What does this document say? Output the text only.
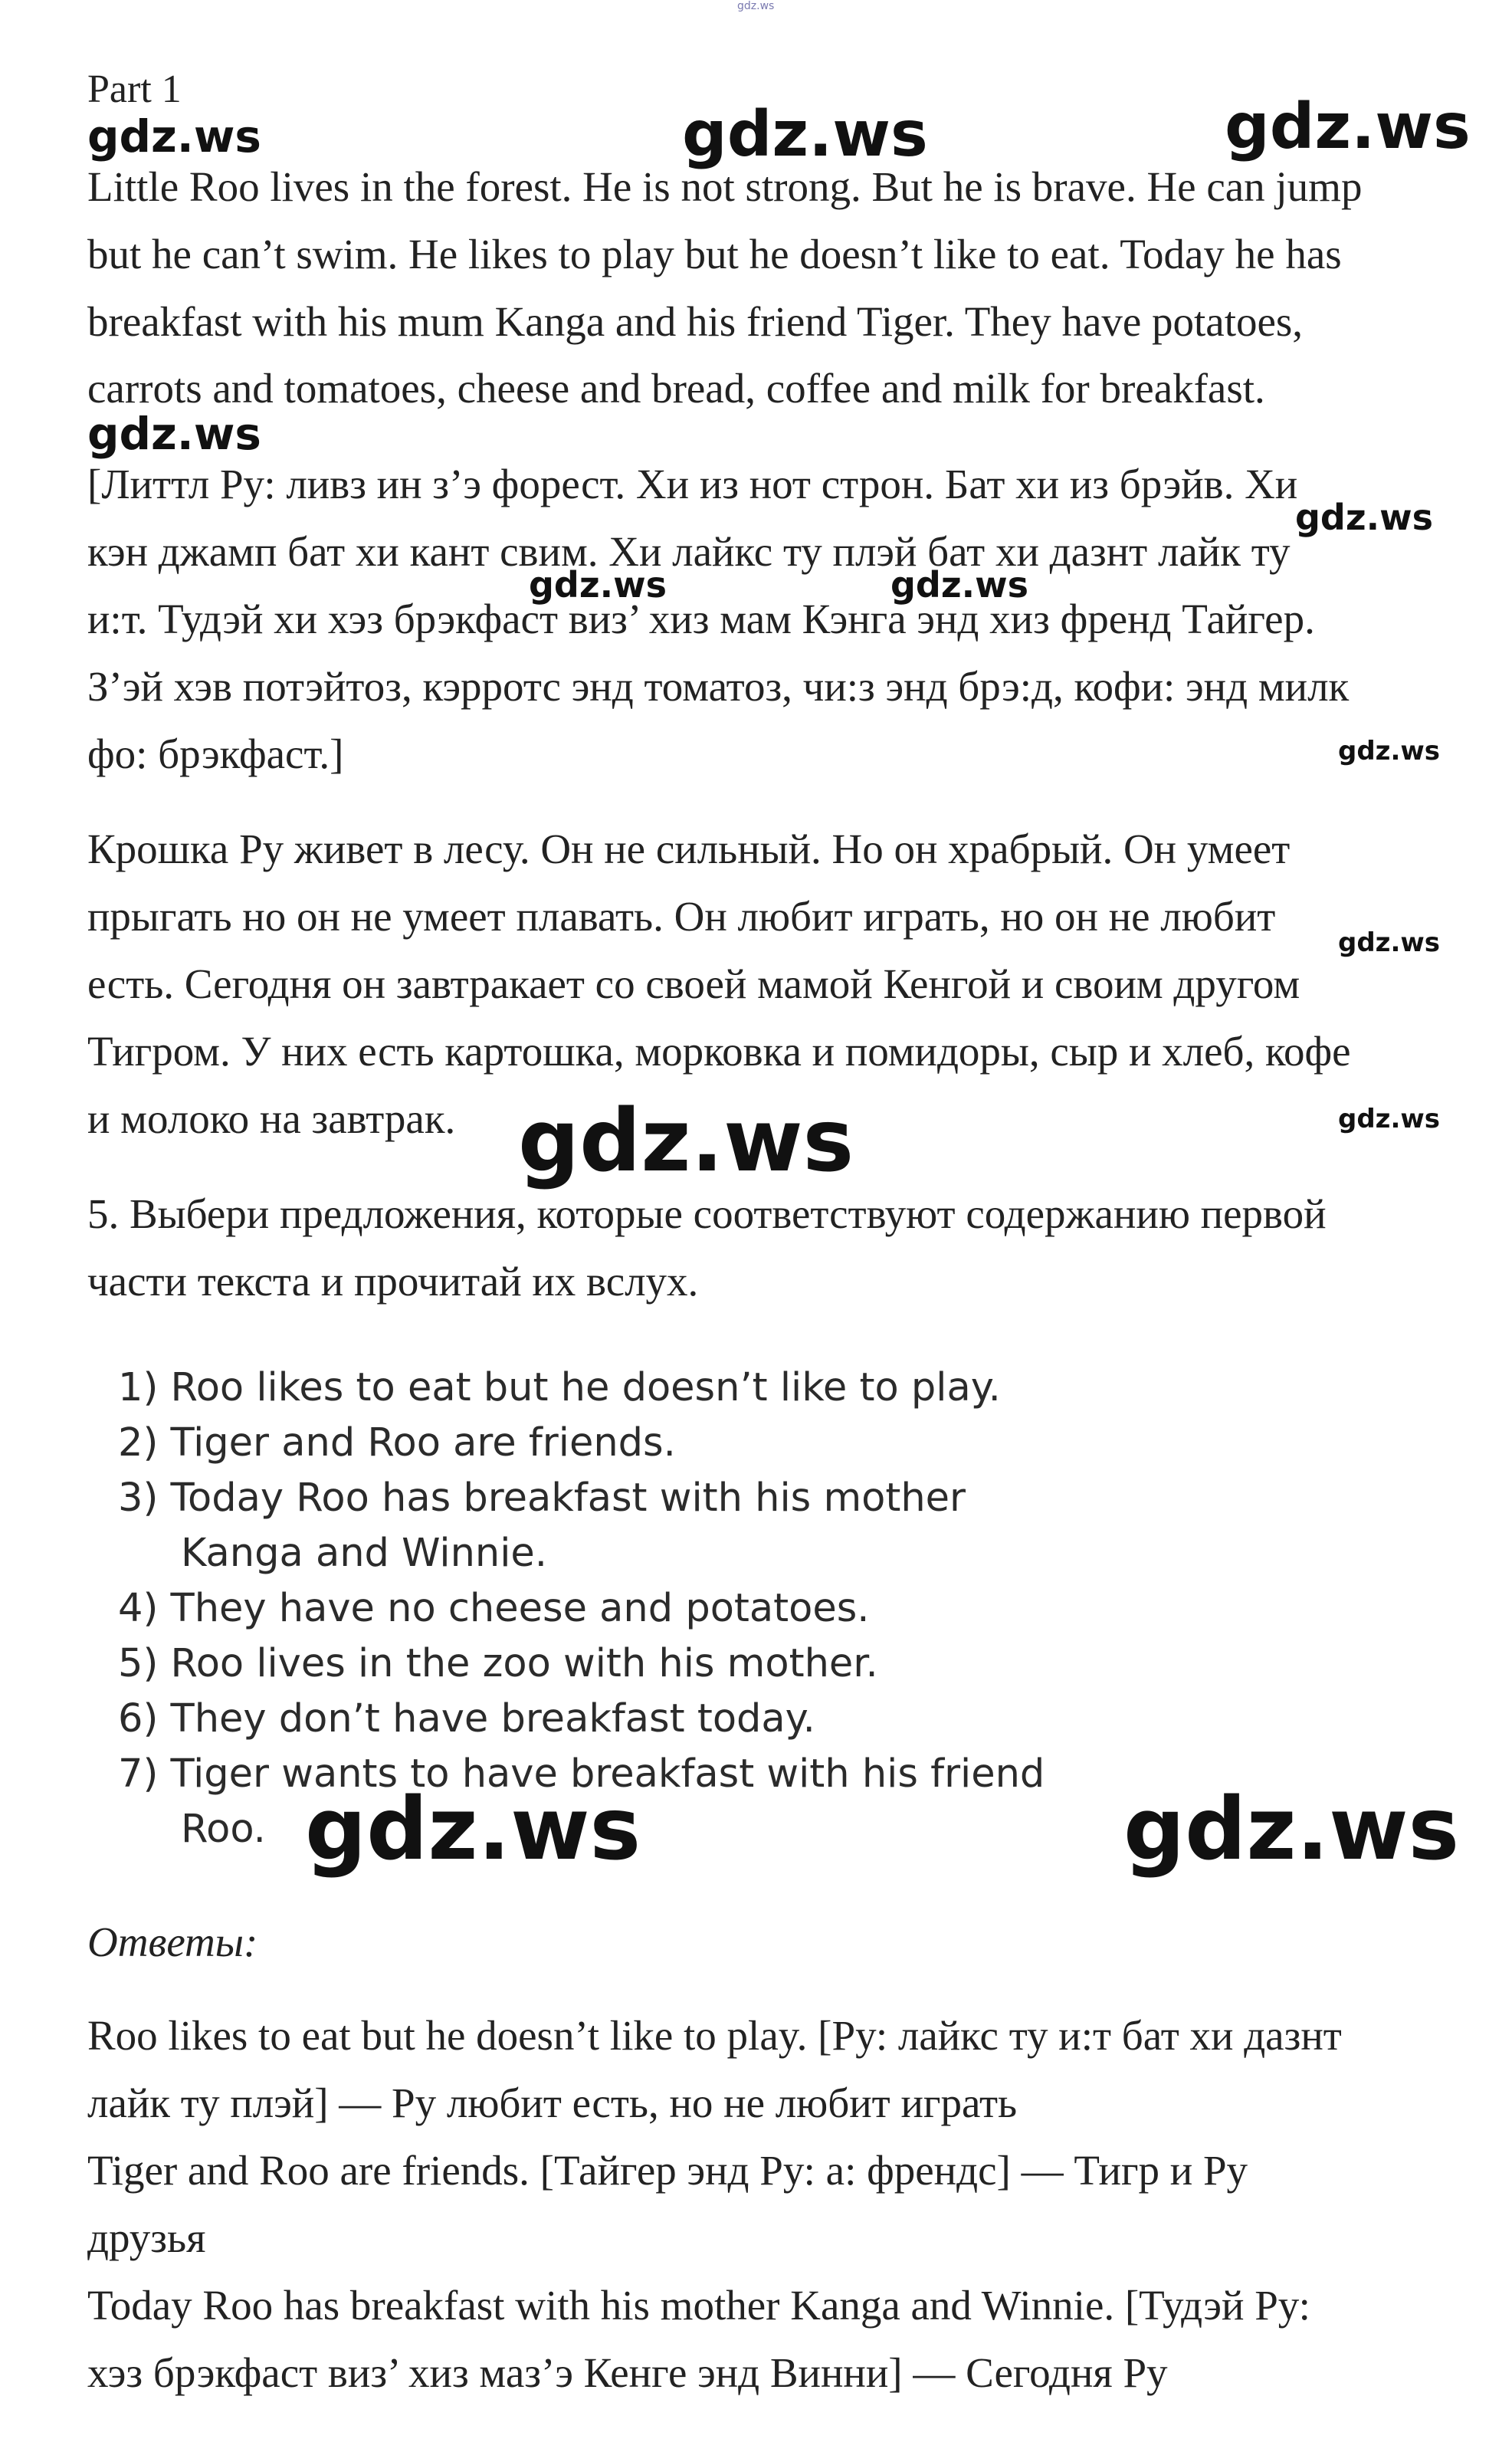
gdz.ws
Part 1
gdz.ws	gdz.ws	gdz.ws
Little Roo lives in the forest. He is not strong. But he is brave. He can jump
but he can’t swim. He likes to play but he doesn’t like to eat. Today he has
breakfast with his mum Kanga and his friend Tiger. They have potatoes,
carrots and tomatoes, cheese and bread, coffee and milk for breakfast.
gdz.ws
[Литтл Ру: ливз ин з’э форест. Хи из нот строн. Бат хи из брэйв. Хи
кэн джамп бат хи кант свим. Хи лайкс ту плэй бат хи дазнт лайк ту
и:т. Тудэй хи хэз брэкфаст виз’ хиз мам Кэнга энд хиз френд Тайгер.
З’эй хэв потэйтоз, кэрротс энд томатоз, чи:з энд брэ:д, кофи: энд милк
фо: брэкфаст.]
gdz.ws
gdz.ws	gdz.ws
gdz.ws
Крошка Ру живет в лесу. Он не сильный. Но он храбрый. Он умеет
прыгать но он не умеет плавать. Он любит играть, но он не любит
есть. Сегодня он завтракает со своей мамой Кенгой и своим другом
Тигром. У них есть картошка, морковка и помидоры, сыр и хлеб, кофе
и молоко на завтрак.
gdz.ws
gdz.ws	gdz.ws
5. Выбери предложения, которые соответствуют содержанию первой
части текста и прочитай их вслух.
1) Roo likes to eat but he doesn’t like to play.
2) Tiger and Roo are friends.
3) Today Roo has breakfast with his mother
Kanga and Winnie.
4) They have no cheese and potatoes.
5) Roo lives in the zoo with his mother.
6) They don’t have breakfast today.
7) Tiger wants to have breakfast with his friend
Roo. gdz.ws	gdz.ws
Ответы:
Roo likes to eat but he doesn’t like to play. [Ру: лайкс ту и:т бат хи дазнт
лайк ту плэй] — Ру любит есть, но не любит играть
Tiger and Roo are friends. [Тайгер энд Ру: а: френдс] — Тигр и Ру
друзья
Today Roo has breakfast with his mother Kanga and Winnie. [Тудэй Ру:
хэз брэкфаст виз’ хиз маз’э Кенге энд Винни] — Сегодня Ру
